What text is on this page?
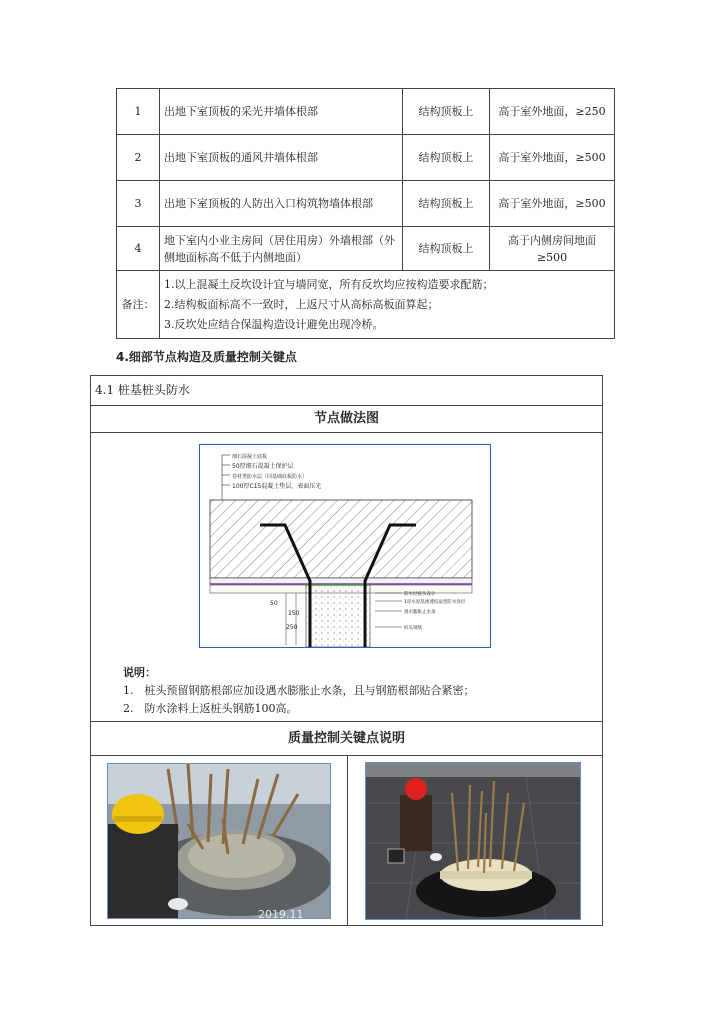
1	出地下室顶板的采光井墙体根部	结构顶板上	高于室外地面，≥250
2	出地下室顶板的通风井墙体根部	结构顶板上	高于室外地面，≥500
3	出地下室顶板的人防出入口构筑物墙体根部	结构顶板上	高于室外地面，≥500
4	地下室内小业主房间（居住用房）外墙根部（外侧地面标高不低于内侧地面）	结构顶板上	高于内侧房间地面≥500
备注：	1.以上混凝土反坎设计宜与墙同宽，所有反坎均应按构造要求配筋；
2.结构板面标高不一致时，上返尺寸从高标高板面算起；
3.反坎处应结合保温构造设计避免出现冷桥。		
4.细部节点构造及质量控制关键点
4.1 桩基桩头防水
节点做法图
细石混凝土底板
50厚细石混凝土保护层
卷材类防水层（同基础底板防水）
100厚C15混凝土垫层，表面压光
50
150
250
防水层接头设计
1厚水泥基渗透结晶型防水涂层
遇水膨胀止水条
桩头钢筋
说明：
1.　桩头预留钢筋根部应加设遇水膨胀止水条，且与钢筋根部贴合紧密；
2.　防水涂料上返桩头钢筋100高。
质量控制关键点说明
2019.11
